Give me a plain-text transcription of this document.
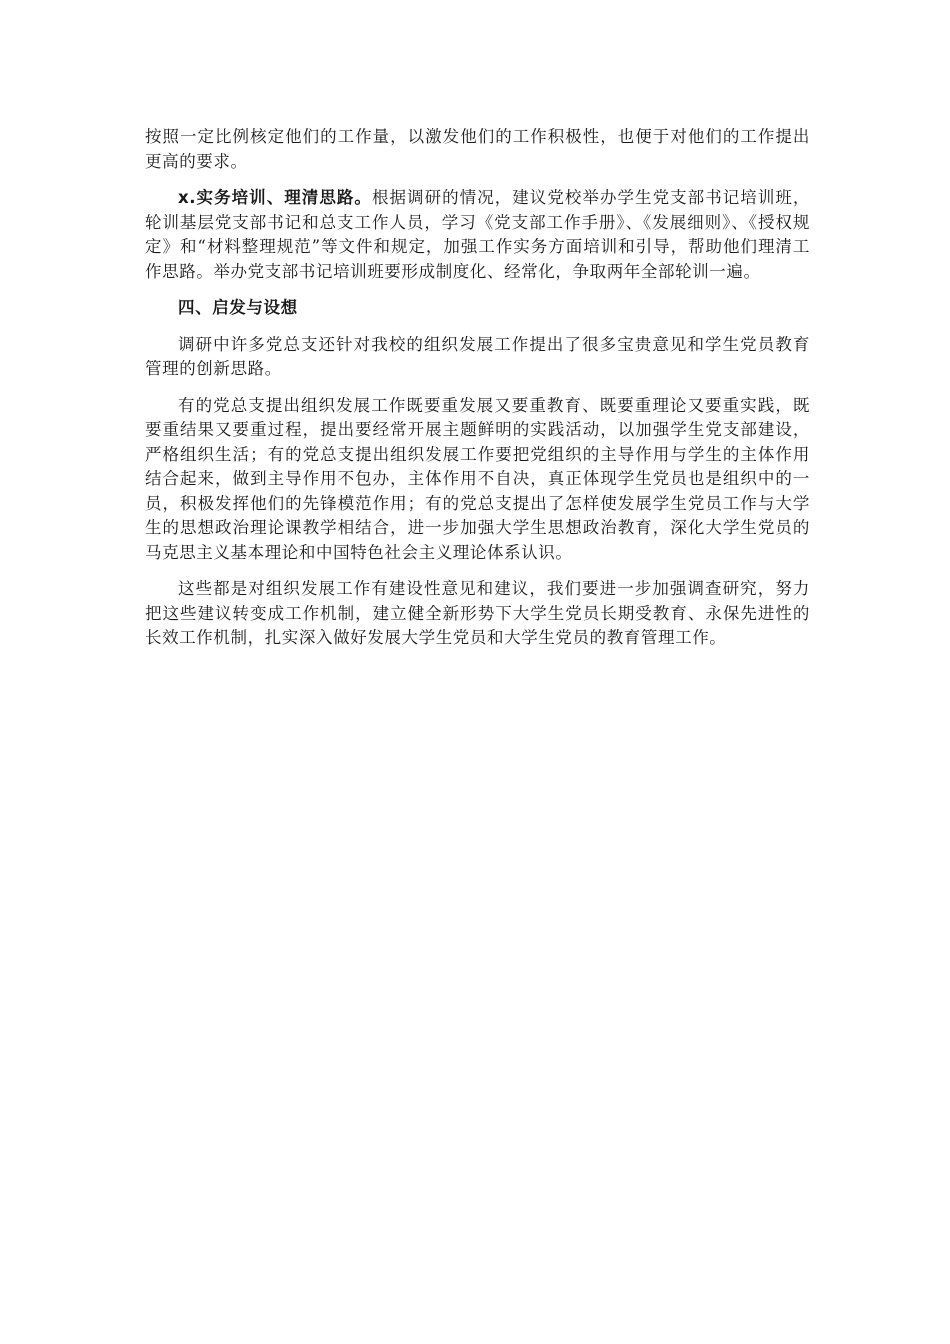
按照一定比例核定他们的工作量，以激发他们的工作积极性，也便于对他们的工作提出更高的要求。

x.实务培训、理清思路。根据调研的情况，建议党校举办学生党支部书记培训班，轮训基层党支部书记和总支工作人员，学习《党支部工作手册》、《发展细则》、《授权规定》和“材料整理规范”等文件和规定，加强工作实务方面培训和引导，帮助他们理清工作思路。举办党支部书记培训班要形成制度化、经常化，争取两年全部轮训一遍。

四、启发与设想

调研中许多党总支还针对我校的组织发展工作提出了很多宝贵意见和学生党员教育管理的创新思路。

有的党总支提出组织发展工作既要重发展又要重教育、既要重理论又要重实践，既要重结果又要重过程，提出要经常开展主题鲜明的实践活动，以加强学生党支部建设，严格组织生活；有的党总支提出组织发展工作要把党组织的主导作用与学生的主体作用结合起来，做到主导作用不包办，主体作用不自决，真正体现学生党员也是组织中的一员，积极发挥他们的先锋模范作用；有的党总支提出了怎样使发展学生党员工作与大学生的思想政治理论课教学相结合，进一步加强大学生思想政治教育，深化大学生党员的马克思主义基本理论和中国特色社会主义理论体系认识。

这些都是对组织发展工作有建设性意见和建议，我们要进一步加强调查研究，努力把这些建议转变成工作机制，建立健全新形势下大学生党员长期受教育、永保先进性的长效工作机制，扎实深入做好发展大学生党员和大学生党员的教育管理工作。
